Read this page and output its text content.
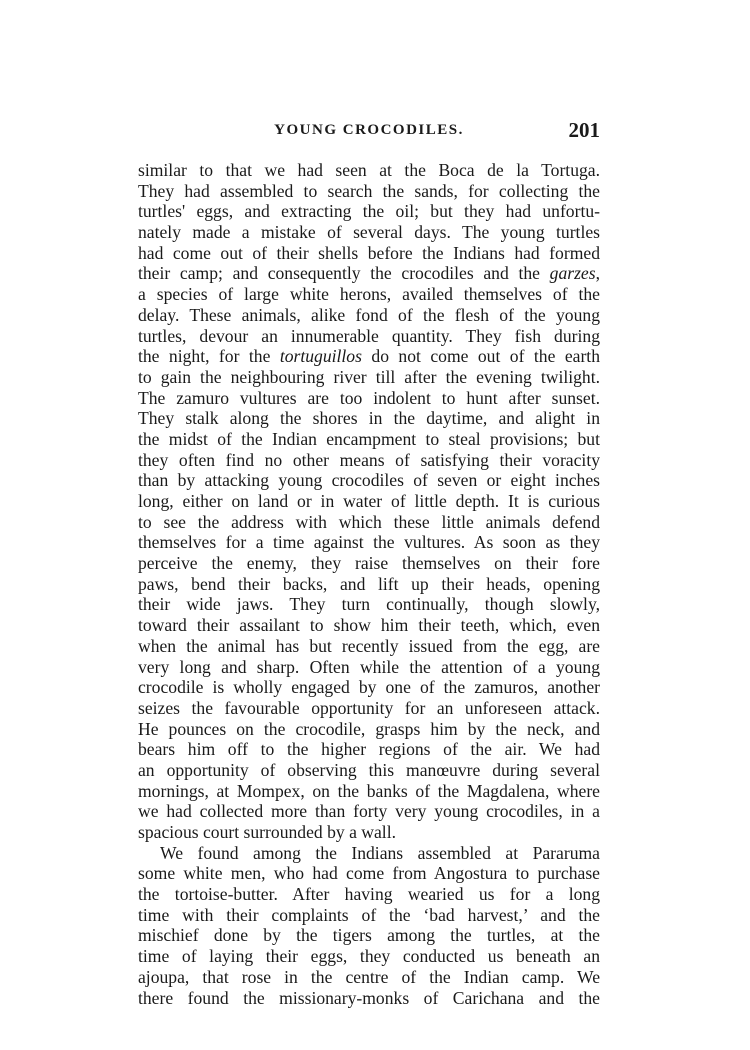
YOUNG CROCODILES.	201
similar to that we had seen at the Boca de la Tortuga.
They had assembled to search the sands, for collecting the
turtles' eggs, and extracting the oil; but they had unfortu-
nately made a mistake of several days. The young turtles
had come out of their shells before the Indians had formed
their camp; and consequently the crocodiles and the garzes,
a species of large white herons, availed themselves of the
delay. These animals, alike fond of the flesh of the young
turtles, devour an innumerable quantity. They fish during
the night, for the tortuguillos do not come out of the earth
to gain the neighbouring river till after the evening twilight.
The zamuro vultures are too indolent to hunt after sunset.
They stalk along the shores in the daytime, and alight in
the midst of the Indian encampment to steal provisions; but
they often find no other means of satisfying their voracity
than by attacking young crocodiles of seven or eight inches
long, either on land or in water of little depth. It is curious
to see the address with which these little animals defend
themselves for a time against the vultures. As soon as they
perceive the enemy, they raise themselves on their fore
paws, bend their backs, and lift up their heads, opening
their wide jaws. They turn continually, though slowly,
toward their assailant to show him their teeth, which, even
when the animal has but recently issued from the egg, are
very long and sharp. Often while the attention of a young
crocodile is wholly engaged by one of the zamuros, another
seizes the favourable opportunity for an unforeseen attack.
He pounces on the crocodile, grasps him by the neck, and
bears him off to the higher regions of the air. We had
an opportunity of observing this manœuvre during several
mornings, at Mompex, on the banks of the Magdalena, where
we had collected more than forty very young crocodiles, in a
spacious court surrounded by a wall.
We found among the Indians assembled at Pararuma
some white men, who had come from Angostura to purchase
the tortoise-butter. After having wearied us for a long
time with their complaints of the ‘bad harvest,’ and the
mischief done by the tigers among the turtles, at the
time of laying their eggs, they conducted us beneath an
ajoupa, that rose in the centre of the Indian camp. We
there found the missionary-monks of Carichana and the
